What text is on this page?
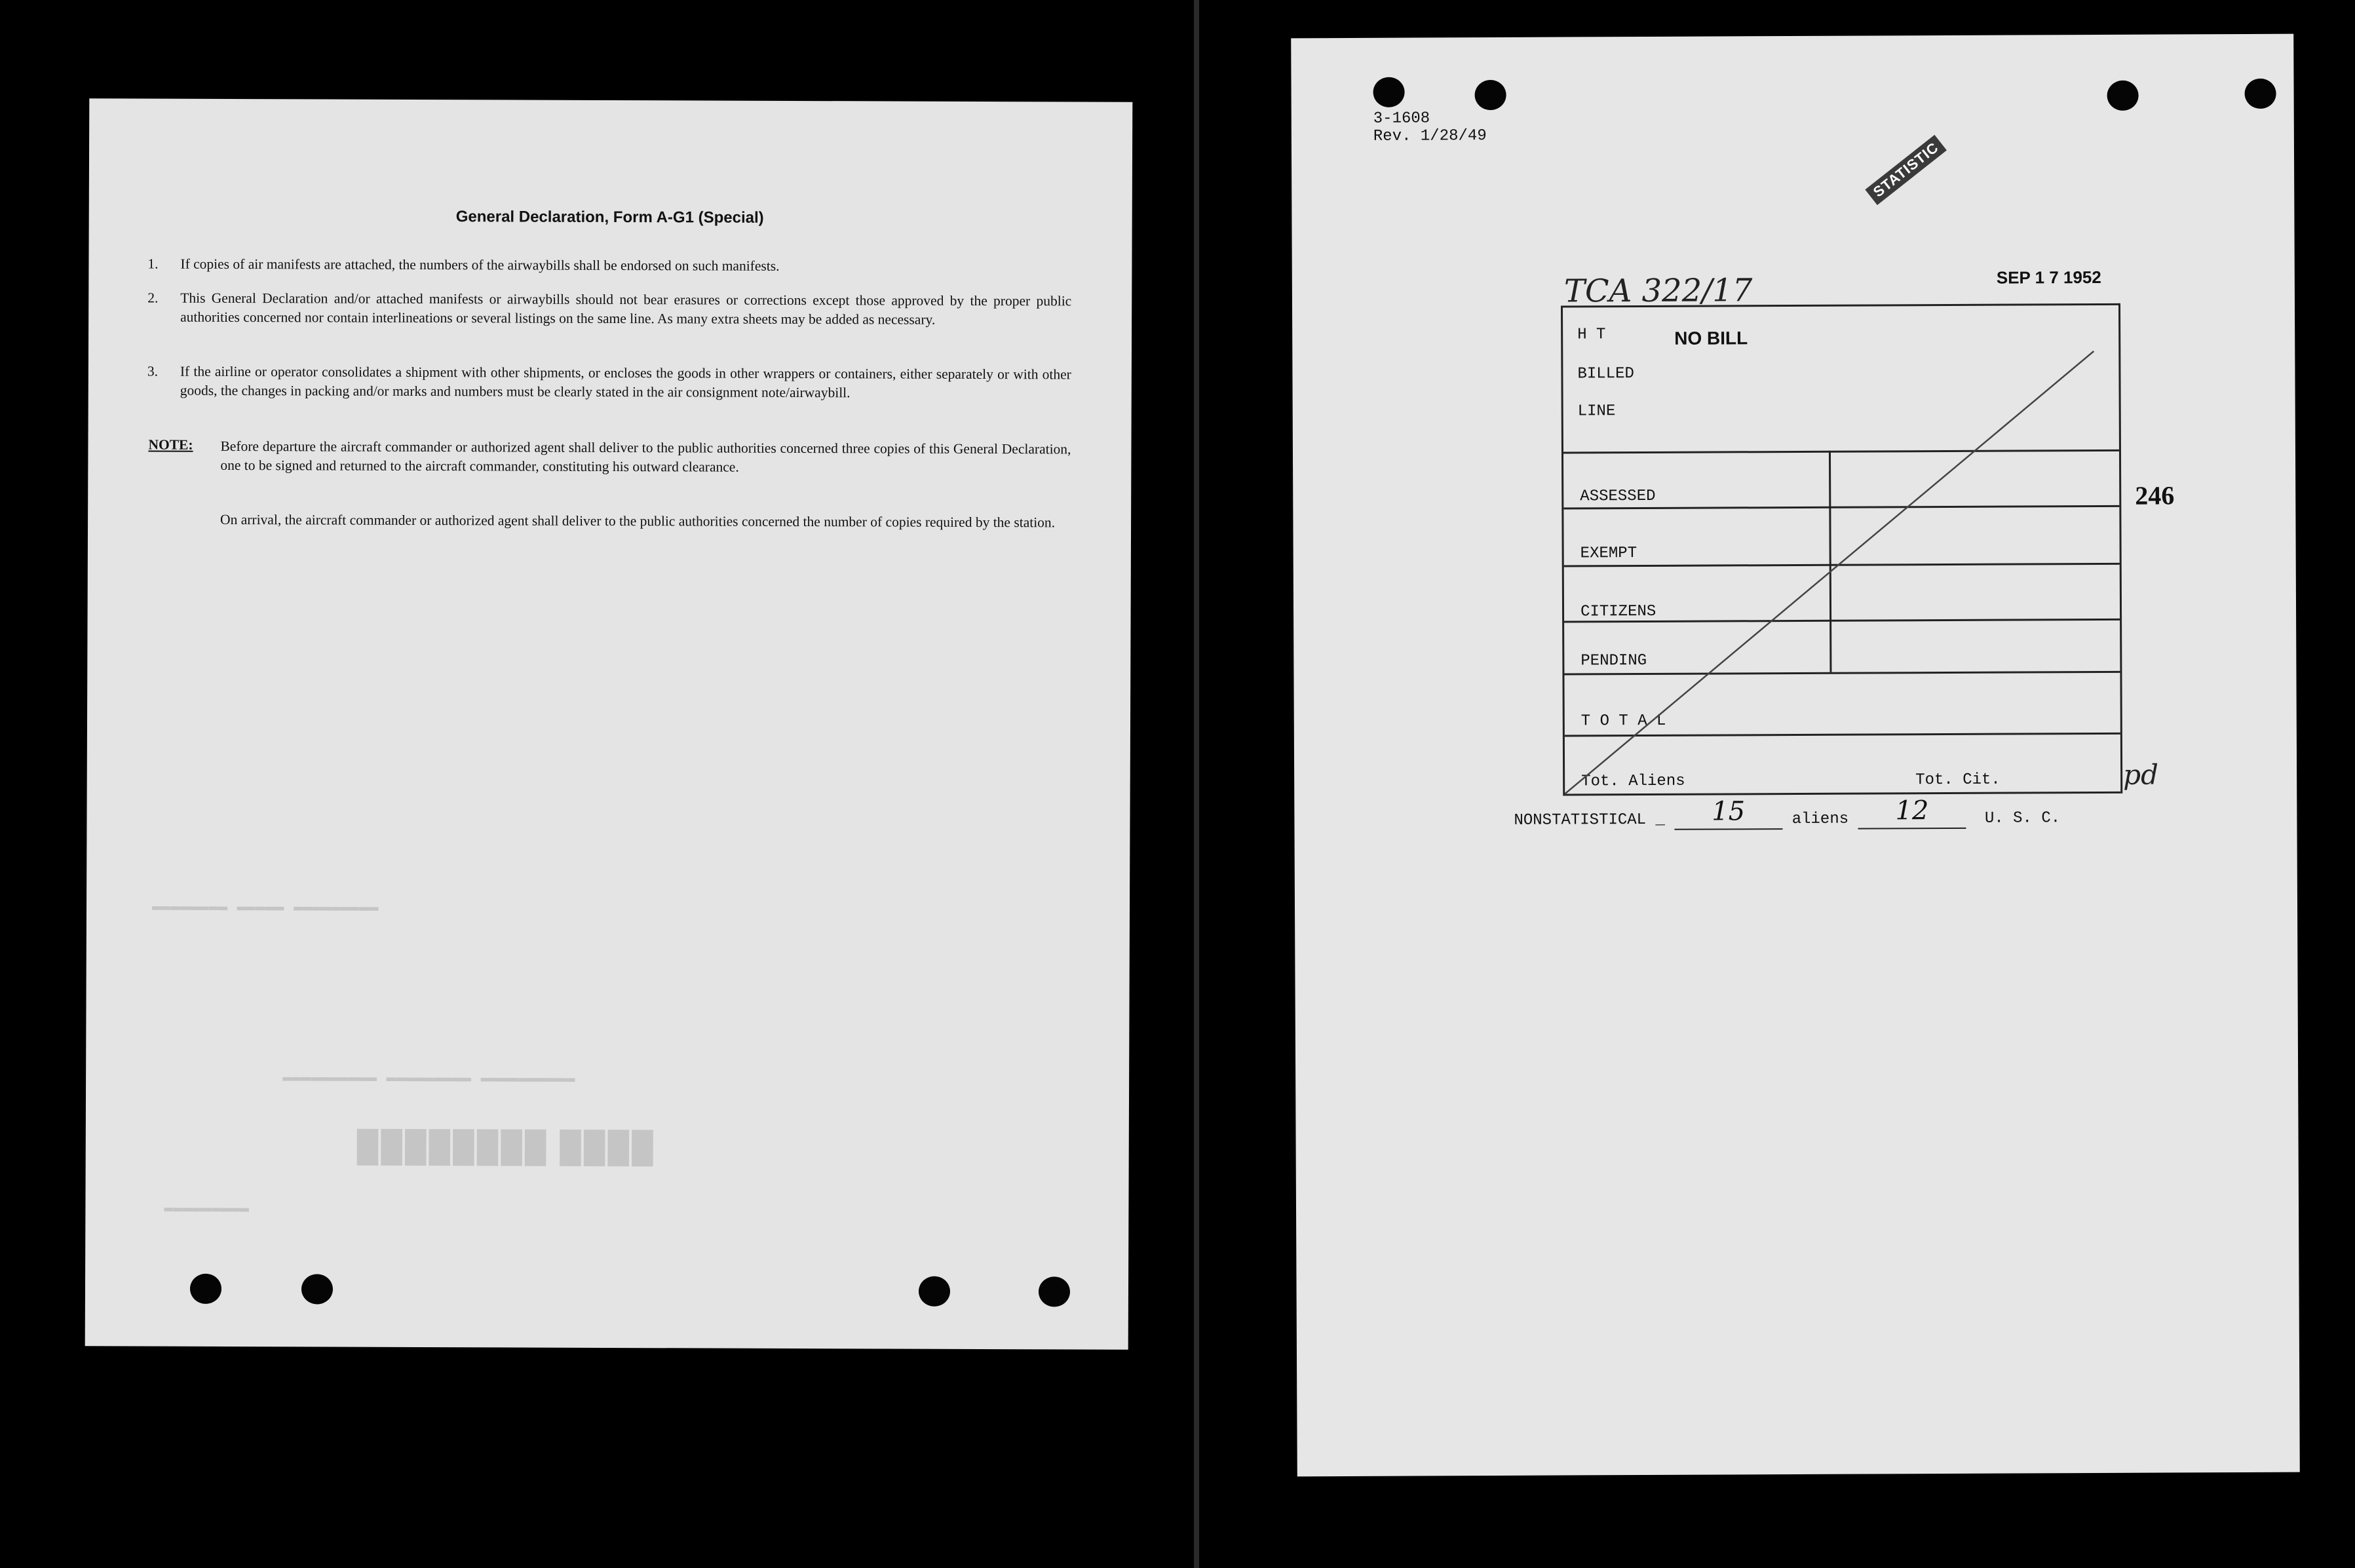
General Declaration, Form A-G1 (Special)
1. If copies of air manifests are attached, the numbers of the airwaybills shall be endorsed on such manifests.
2. This General Declaration and/or attached manifests or airwaybills should not bear erasures or corrections except those approved by the proper public authorities concerned nor contain interlineations or several listings on the same line. As many extra sheets may be added as necessary.
3. If the airline or operator consolidates a shipment with other shipments, or encloses the goods in other wrappers or containers, either separately or with other goods, the changes in packing and/or marks and numbers must be clearly stated in the air consignment note/airwaybill.
NOTE: Before departure the aircraft commander or authorized agent shall deliver to the public authorities concerned three copies of this General Declaration, one to be signed and returned to the aircraft commander, constituting his outward clearance.
On arrival, the aircraft commander or authorized agent shall deliver to the public authorities concerned the number of copies required by the station.
████ ████████
▬▬▬▬▬▬▬▬▬ ▬▬▬▬▬ ▬▬▬▬▬▬▬▬
▬▬▬▬▬▬▬▬▬▬ ▬▬▬▬▬▬▬▬▬ ▬▬▬▬▬▬▬▬▬▬
▬▬▬▬▬▬▬▬▬
3-1608
Rev. 1/28/49
STATISTIC
TCA 322/17	SEP 1 7 1952
246
H T	NO BILL
BILLED
LINE
ASSESSED
EXEMPT
CITIZENS
PENDING
T O T A L
Tot. Aliens	Tot. Cit.	pd
NONSTATISTICAL _	15	aliens	12	U. S. C.
